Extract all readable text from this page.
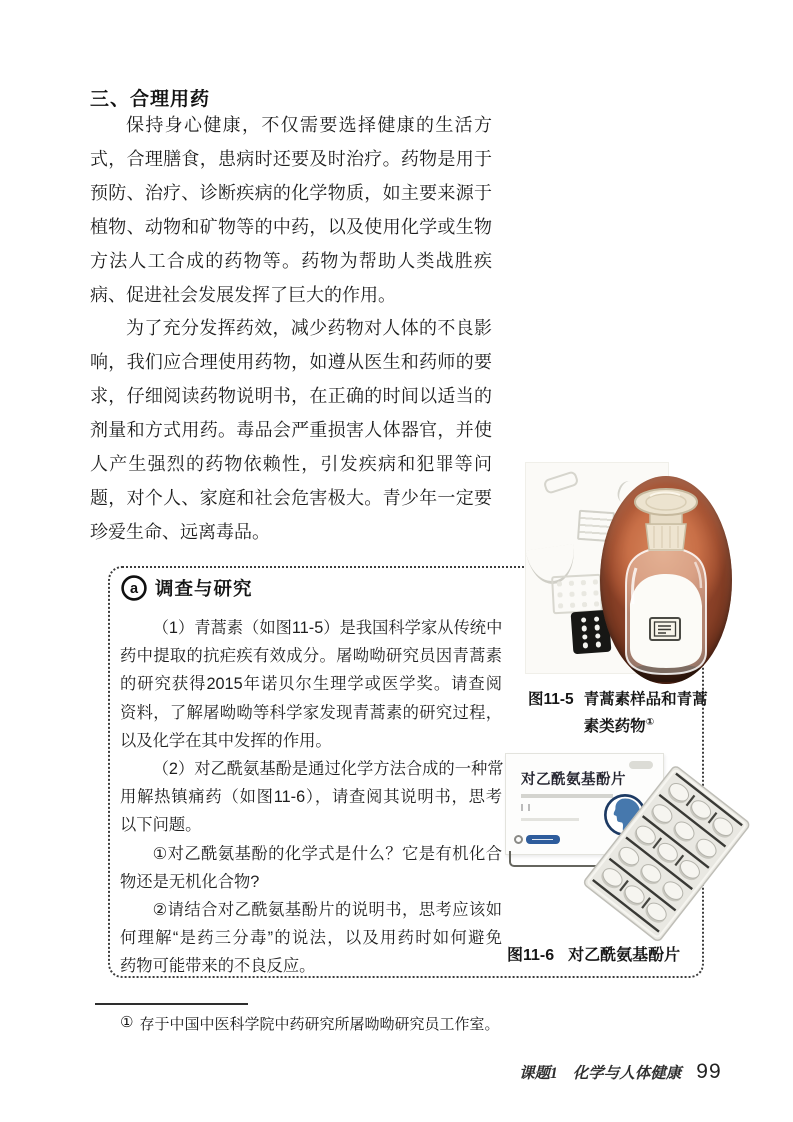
三、合理用药
保持身心健康，不仅需要选择健康的生活方
式，合理膳食，患病时还要及时治疗。药物是用于
预防、治疗、诊断疾病的化学物质，如主要来源于
植物、动物和矿物等的中药，以及使用化学或生物
方法人工合成的药物等。药物为帮助人类战胜疾
病、促进社会发展发挥了巨大的作用。
为了充分发挥药效，减少药物对人体的不良影
响，我们应合理使用药物，如遵从医生和药师的要
求，仔细阅读药物说明书，在正确的时间以适当的
剂量和方式用药。毒品会严重损害人体器官，并使
人产生强烈的药物依赖性，引发疾病和犯罪等问
题，对个人、家庭和社会危害极大。青少年一定要
珍爱生命、远离毒品。
a 调查与研究
（1）青蒿素（如图11-5）是我国科学家从传统中
药中提取的抗疟疾有效成分。屠呦呦研究员因青蒿素
的研究获得2015年诺贝尔生理学或医学奖。请查阅
资料，了解屠呦呦等科学家发现青蒿素的研究过程，
以及化学在其中发挥的作用。
（2）对乙酰氨基酚是通过化学方法合成的一种常
用解热镇痛药（如图11-6），请查阅其说明书，思考
以下问题。
①对乙酰氨基酚的化学式是什么？它是有机化合
物还是无机化合物?
②请结合对乙酰氨基酚片的说明书，思考应该如
何理解“是药三分毒”的说法，以及用药时如何避免
药物可能带来的不良反应。
图11-5 青蒿素样品和青蒿素类药物①
对乙酰氨基酚片
图11-6 对乙酰氨基酚片
① 存于中国中医科学院中药研究所屠呦呦研究员工作室。
课题1 化学与人体健康 99
